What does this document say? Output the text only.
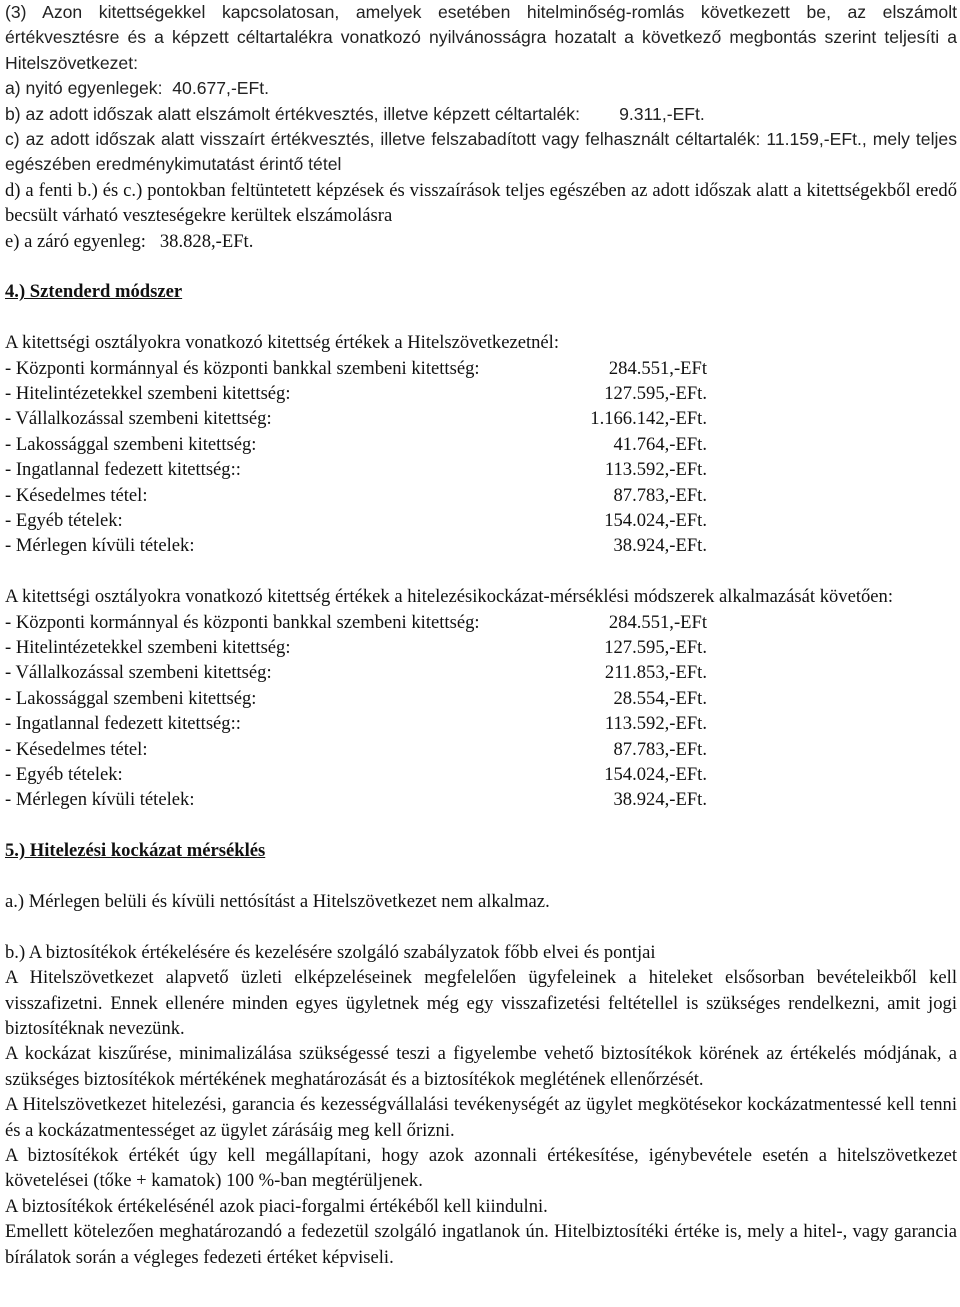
(3) Azon kitettségekkel kapcsolatosan, amelyek esetében hitelminőség-romlás következett be, az elszámolt értékvesztésre és a képzett céltartalékra vonatkozó nyilvánosságra hozatalt a következő megbontás szerint teljesíti a Hitelszövetkezet:

a) nyitó egyenlegek:  40.677,-EFt.

b) az adott időszak alatt elszámolt értékvesztés, illetve képzett céltartalék:        9.311,-EFt.

c) az adott időszak alatt visszaírt értékvesztés, illetve felszabadított vagy felhasznált céltartalék: 11.159,-EFt., mely teljes egészében eredménykimutatást érintő tétel

d) a fenti b.) és c.) pontokban feltüntetett képzések és visszaírások teljes egészében az adott időszak alatt a kitettségekből eredő becsült várható veszteségekre kerültek elszámolásra

e) a záró egyenleg:   38.828,-EFt.

4.) Sztenderd módszer

A kitettségi osztályokra vonatkozó kitettség értékek a Hitelszövetkezetnél:

- Központi kormánnyal és központi bankkal szembeni kitettség:	284.551,-EFt
- Hitelintézetekkel szembeni kitettség:	127.595,-EFt.
- Vállalkozással szembeni kitettség:	1.166.142,-EFt.
- Lakossággal szembeni kitettség:	41.764,-EFt.
- Ingatlannal fedezett kitettség::	113.592,-EFt.
- Késedelmes tétel:	87.783,-EFt.
- Egyéb tételek:	154.024,-EFt.
- Mérlegen kívüli tételek:	38.924,-EFt.

A kitettségi osztályokra vonatkozó kitettség értékek a hitelezésikockázat-mérséklési módszerek alkalmazását követően:

- Központi kormánnyal és központi bankkal szembeni kitettség:	284.551,-EFt
- Hitelintézetekkel szembeni kitettség:	127.595,-EFt.
- Vállalkozással szembeni kitettség:	211.853,-EFt.
- Lakossággal szembeni kitettség:	28.554,-EFt.
- Ingatlannal fedezett kitettség::	113.592,-EFt.
- Késedelmes tétel:	87.783,-EFt.
- Egyéb tételek:	154.024,-EFt.
- Mérlegen kívüli tételek:	38.924,-EFt.

5.) Hitelezési kockázat mérséklés

a.) Mérlegen belüli és kívüli nettósítást a Hitelszövetkezet nem alkalmaz.

b.) A biztosítékok értékelésére és kezelésére szolgáló szabályzatok főbb elvei és pontjai

A Hitelszövetkezet alapvető üzleti elképzeléseinek megfelelően ügyfeleinek a hiteleket elsősorban bevételeikből kell visszafizetni. Ennek ellenére minden egyes ügyletnek még egy visszafizetési feltétellel is szükséges rendelkezni, amit jogi biztosítéknak nevezünk.

A kockázat kiszűrése, minimalizálása szükségessé teszi a figyelembe vehető biztosítékok körének az értékelés módjának, a szükséges biztosítékok mértékének meghatározását és a biztosítékok meglétének ellenőrzését.

A Hitelszövetkezet hitelezési, garancia és kezességvállalási tevékenységét az ügylet megkötésekor kockázatmentessé kell tenni és a kockázatmentességet az ügylet zárásáig meg kell őrizni.

A biztosítékok értékét úgy kell megállapítani, hogy azok azonnali értékesítése, igénybevétele esetén a hitelszövetkezet követelései (tőke + kamatok) 100 %-ban megtérüljenek.

A biztosítékok értékelésénél azok piaci-forgalmi értékéből kell kiindulni.

Emellett kötelezően meghatározandó a fedezetül szolgáló ingatlanok ún. Hitelbiztosítéki értéke is, mely a hitel-, vagy garancia bírálatok során a végleges fedezeti értéket képviseli.
